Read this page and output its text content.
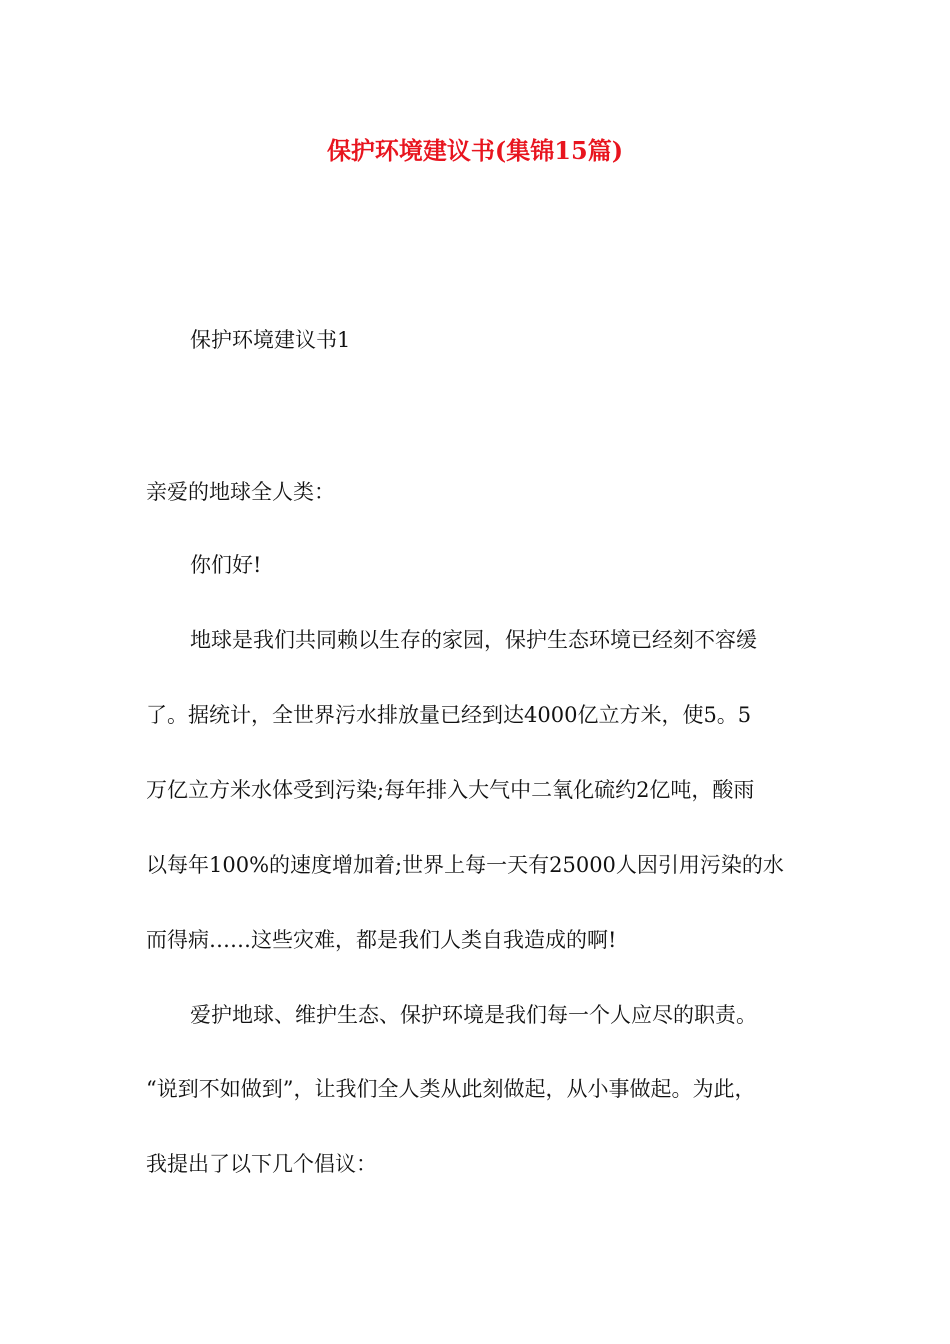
保护环境建议书(集锦15篇)
保护环境建议书1
亲爱的地球全人类：
你们好!
地球是我们共同赖以生存的家园，保护生态环境已经刻不容缓
了。据统计，全世界污水排放量已经到达4000亿立方米，使5。5
万亿立方米水体受到污染;每年排入大气中二氧化硫约2亿吨，酸雨
以每年100%的速度增加着;世界上每一天有25000人因引用污染的水
而得病……这些灾难，都是我们人类自我造成的啊!
爱护地球、维护生态、保护环境是我们每一个人应尽的职责。
“说到不如做到”，让我们全人类从此刻做起，从小事做起。为此，
我提出了以下几个倡议：
